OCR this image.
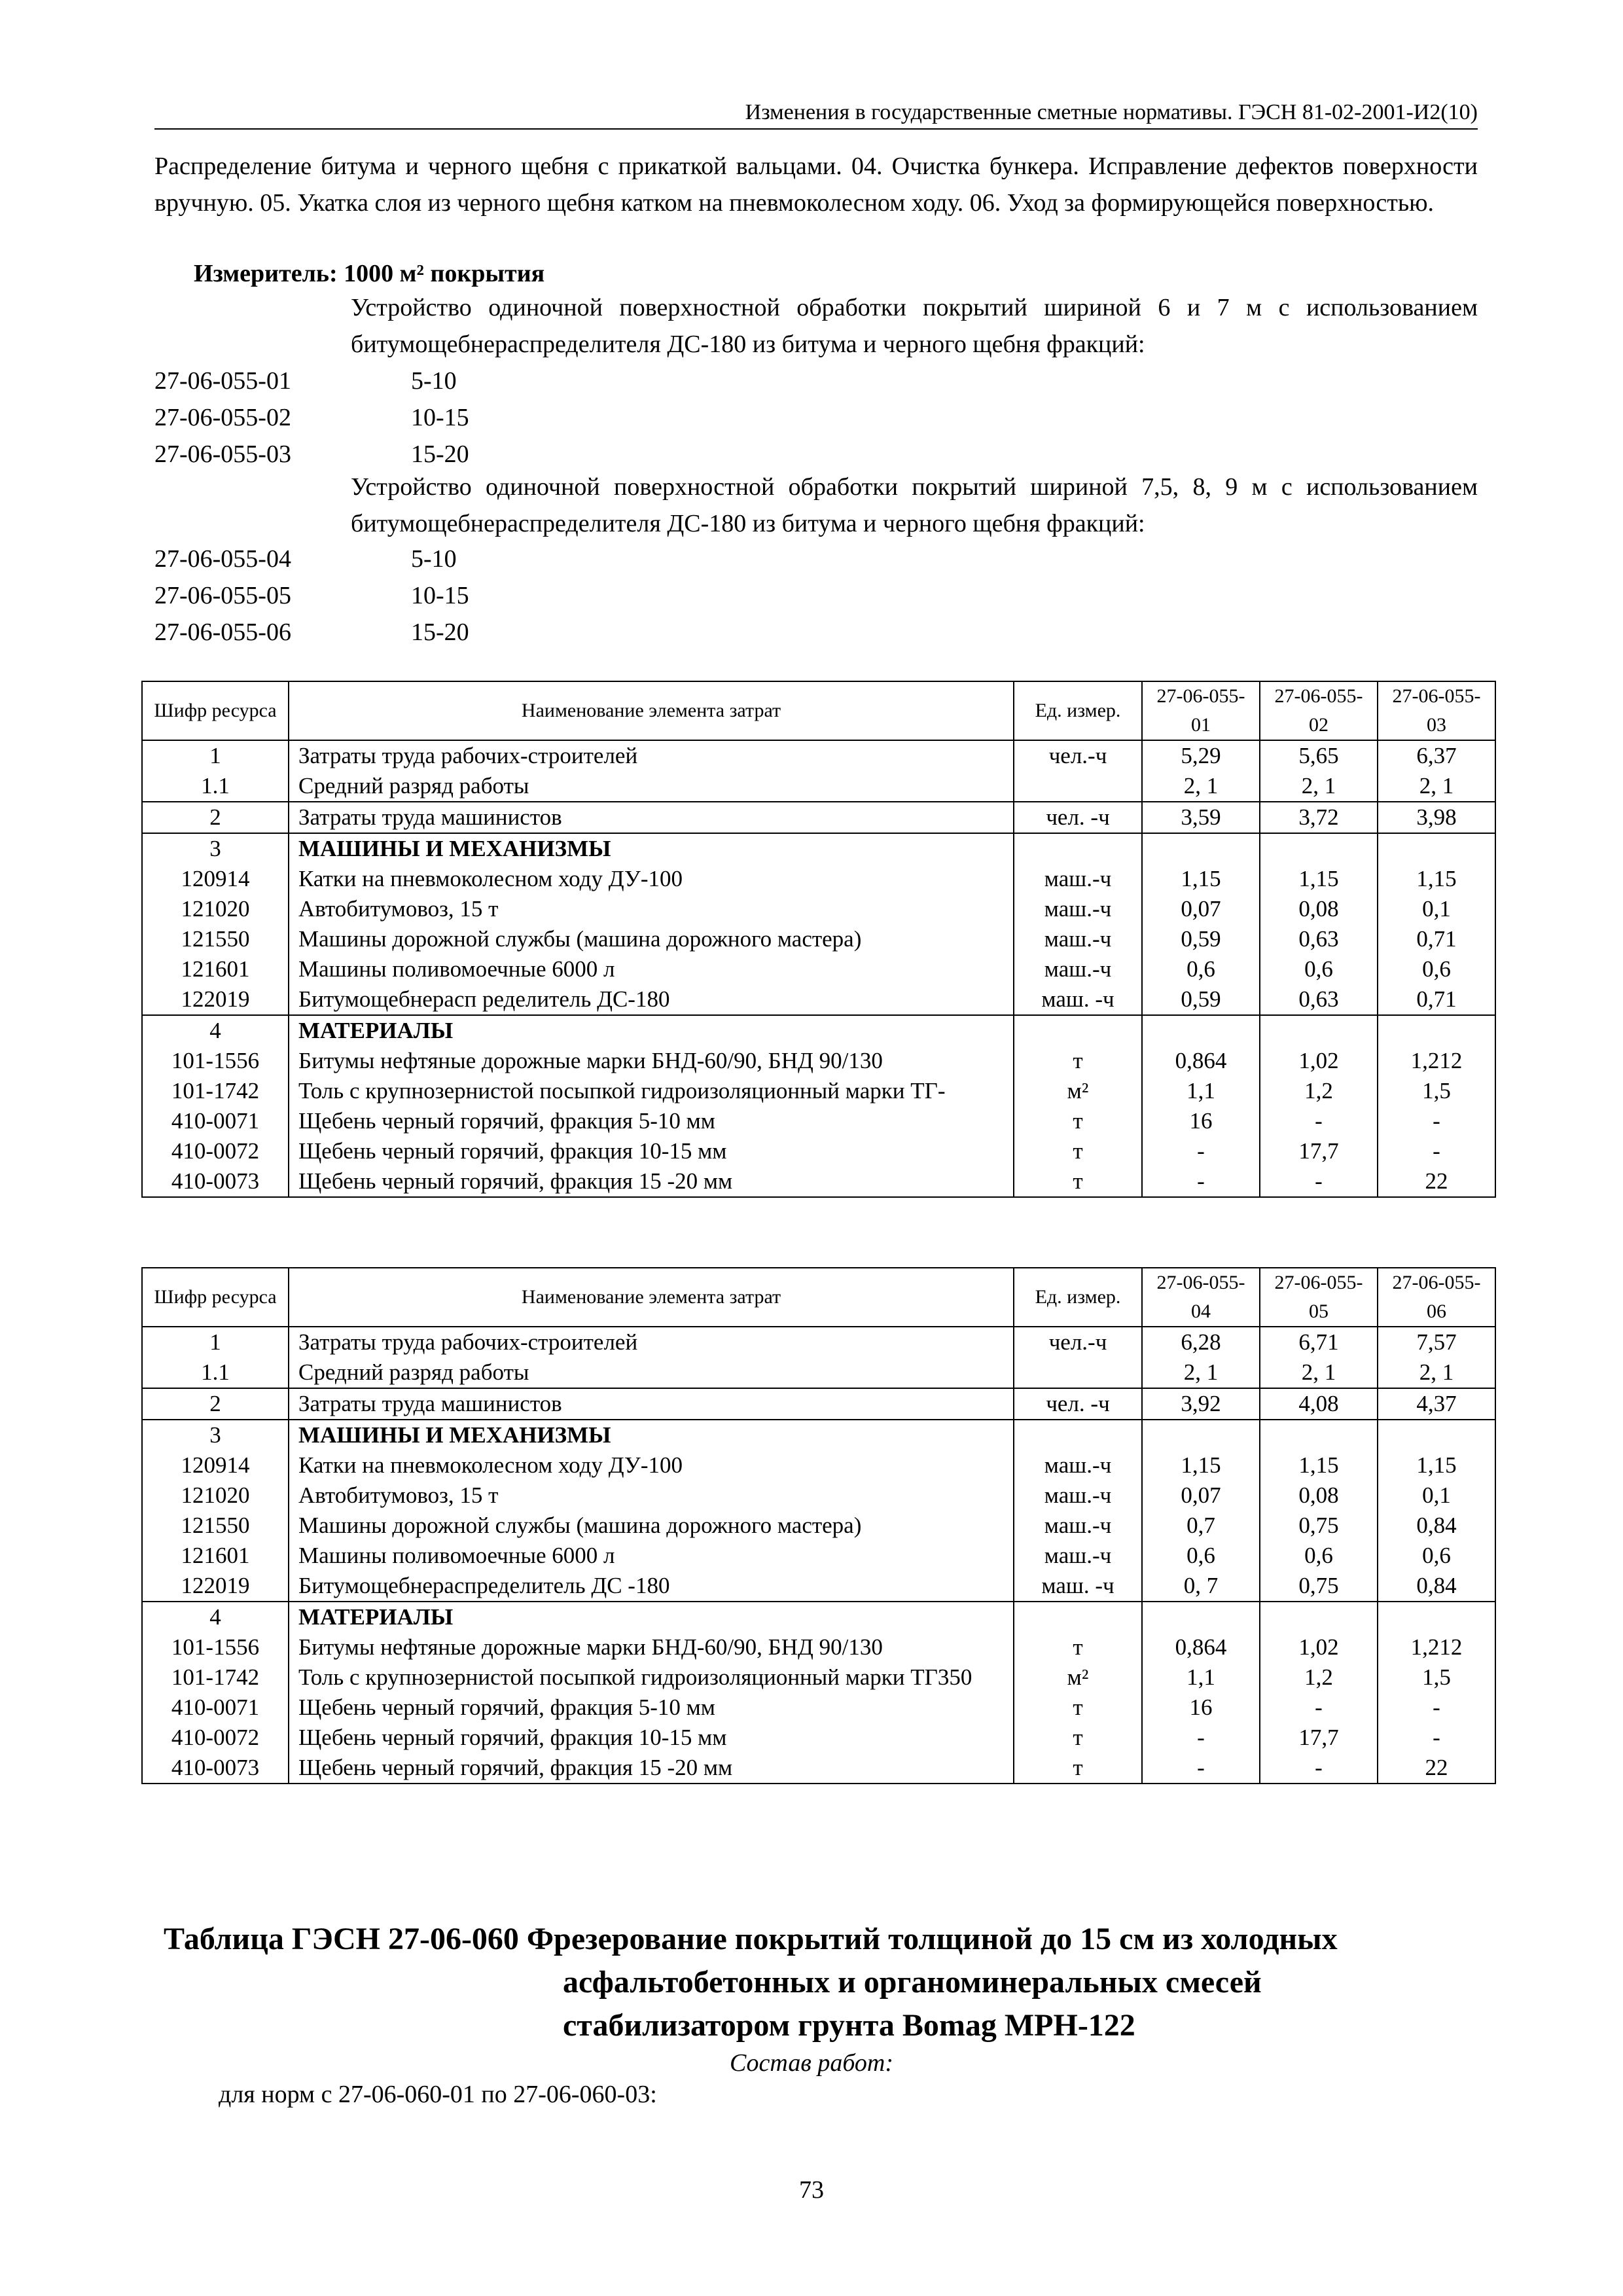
Изменения в государственные сметные нормативы. ГЭСН 81-02-2001-И2(10)

Распределение битума и черного щебня с прикаткой вальцами. 04. Очистка бункера. Исправление дефектов поверхности вручную. 05. Укатка слоя из черного щебня катком на пневмоколесном ходу. 06. Уход за формирующейся поверхностью.

Измеритель: 1000 м² покрытия

Устройство одиночной поверхностной обработки покрытий шириной 6 и 7 м с использованием битумощебнераспределителя ДС-180 из битума и черного щебня фракций:

27-06-055-01	5-10
27-06-055-02	10-15
27-06-055-03	15-20

Устройство одиночной поверхностной обработки покрытий шириной 7,5, 8, 9 м с использованием битумощебнераспределителя ДС-180 из битума и черного щебня фракций:

27-06-055-04	5-10
27-06-055-05	10-15
27-06-055-06	15-20
Шифр ресурса	Наименование элемента затрат	Ед. измер.	27-06-055-01	27-06-055-02	27-06-055-03
1	Затраты труда рабочих-строителей	чел.-ч	5,29	5,65	6,37
1.1	Средний разряд работы		2, 1	2, 1	2, 1
2	Затраты труда машинистов	чел. -ч	3,59	3,72	3,98
3	МАШИНЫ И МЕХАНИЗМЫ				
120914	Катки на пневмоколесном ходу ДУ-100	маш.-ч	1,15	1,15	1,15
121020	Автобитумовоз, 15 т	маш.-ч	0,07	0,08	0,1
121550	Машины дорожной службы (машина дорожного мастера)	маш.-ч	0,59	0,63	0,71
121601	Машины поливомоечные 6000 л	маш.-ч	0,6	0,6	0,6
122019	Битумощебнерасп ределитель ДС-180	маш. -ч	0,59	0,63	0,71
4	МАТЕРИАЛЫ				
101-1556	Битумы нефтяные дорожные марки БНД-60/90, БНД 90/130	т	0,864	1,02	1,212
101-1742	Толь с крупнозернистой посыпкой гидроизоляционный марки ТГ-	м²	1,1	1,2	1,5
410-0071	Щебень черный горячий, фракция 5-10 мм	т	16	-	-
410-0072	Щебень черный горячий, фракция 10-15 мм	т	-	17,7	-
410-0073	Щебень черный горячий, фракция 15 -20 мм	т	-	-	22
Шифр ресурса	Наименование элемента затрат	Ед. измер.	27-06-055-04	27-06-055-05	27-06-055-06
1	Затраты труда рабочих-строителей	чел.-ч	6,28	6,71	7,57
1.1	Средний разряд работы		2, 1	2, 1	2, 1
2	Затраты труда машинистов	чел. -ч	3,92	4,08	4,37
3	МАШИНЫ И МЕХАНИЗМЫ				
120914	Катки на пневмоколесном ходу ДУ-100	маш.-ч	1,15	1,15	1,15
121020	Автобитумовоз, 15 т	маш.-ч	0,07	0,08	0,1
121550	Машины дорожной службы (машина дорожного мастера)	маш.-ч	0,7	0,75	0,84
121601	Машины поливомоечные 6000 л	маш.-ч	0,6	0,6	0,6
122019	Битумощебнераспределитель ДС -180	маш. -ч	0, 7	0,75	0,84
4	МАТЕРИАЛЫ				
101-1556	Битумы нефтяные дорожные марки БНД-60/90, БНД 90/130	т	0,864	1,02	1,212
101-1742	Толь с крупнозернистой посыпкой гидроизоляционный марки ТГ350	м²	1,1	1,2	1,5
410-0071	Щебень черный горячий, фракция 5-10 мм	т	16	-	-
410-0072	Щебень черный горячий, фракция 10-15 мм	т	-	17,7	-
410-0073	Щебень черный горячий, фракция 15 -20 мм	т	-	-	22
Таблица ГЭСН 27-06-060 Фрезерование покрытий толщиной до 15 см из холодных
асфальтобетонных и органоминеральных смесей
стабилизатором грунта Bomag MPH-122
Состав работ:
для норм с 27-06-060-01 по 27-06-060-03:
73
